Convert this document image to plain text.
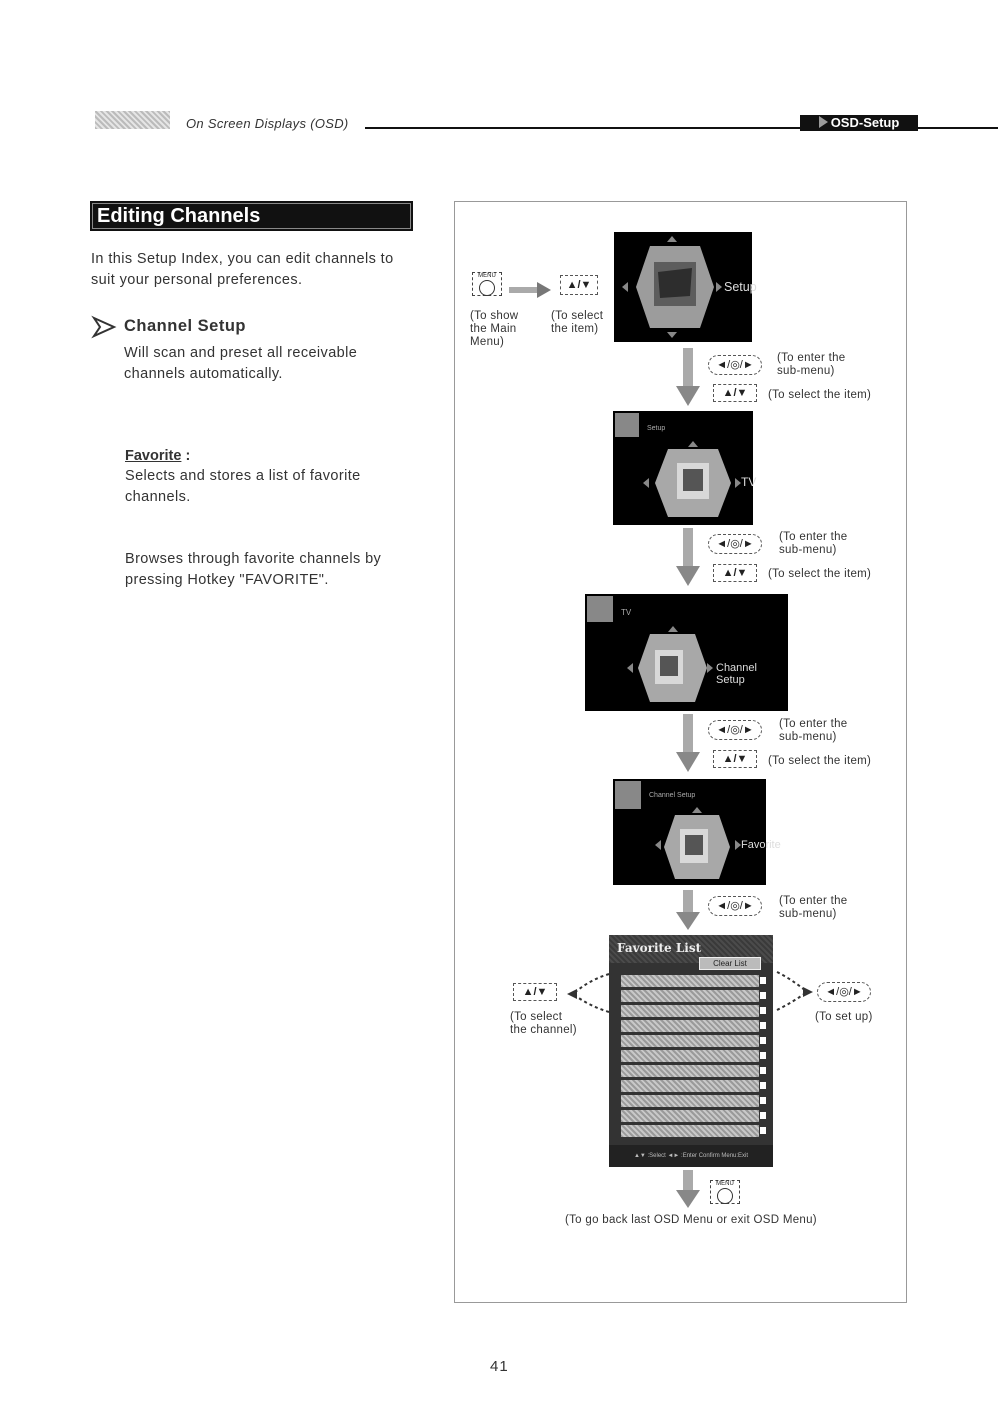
On Screen Displays (OSD)	OSD-Setup
Editing Channels
In this Setup Index, you can edit channels to
suit your personal preferences.
Channel Setup
Will scan and preset all receivable
channels automatically.
Favorite :
Selects and stores a list of favorite
channels.
Browses through favorite channels by
pressing Hotkey "FAVORITE".
MENU
▲/▼
(To show
the Main
Menu)
(To select
the item)
Setup
◄/◎/►
(To enter the
sub-menu)
▲/▼	(To select the item)
Setup
TV
◄/◎/►
(To enter the
sub-menu)
▲/▼	(To select the item)
TV
Channel Setup
◄/◎/►	(To enter the
sub-menu)
▲/▼	(To select the item)
Channel Setup
Favorite
◄/◎/►	(To enter the
sub-menu)
Favorite List
Clear List
▲▼ :Select ◄► :Enter Confirm Menu:Exit
▲/▼
(To select
the channel)
◄/◎/►
(To set up)
MENU
(To go back last OSD Menu or exit OSD Menu)
41
